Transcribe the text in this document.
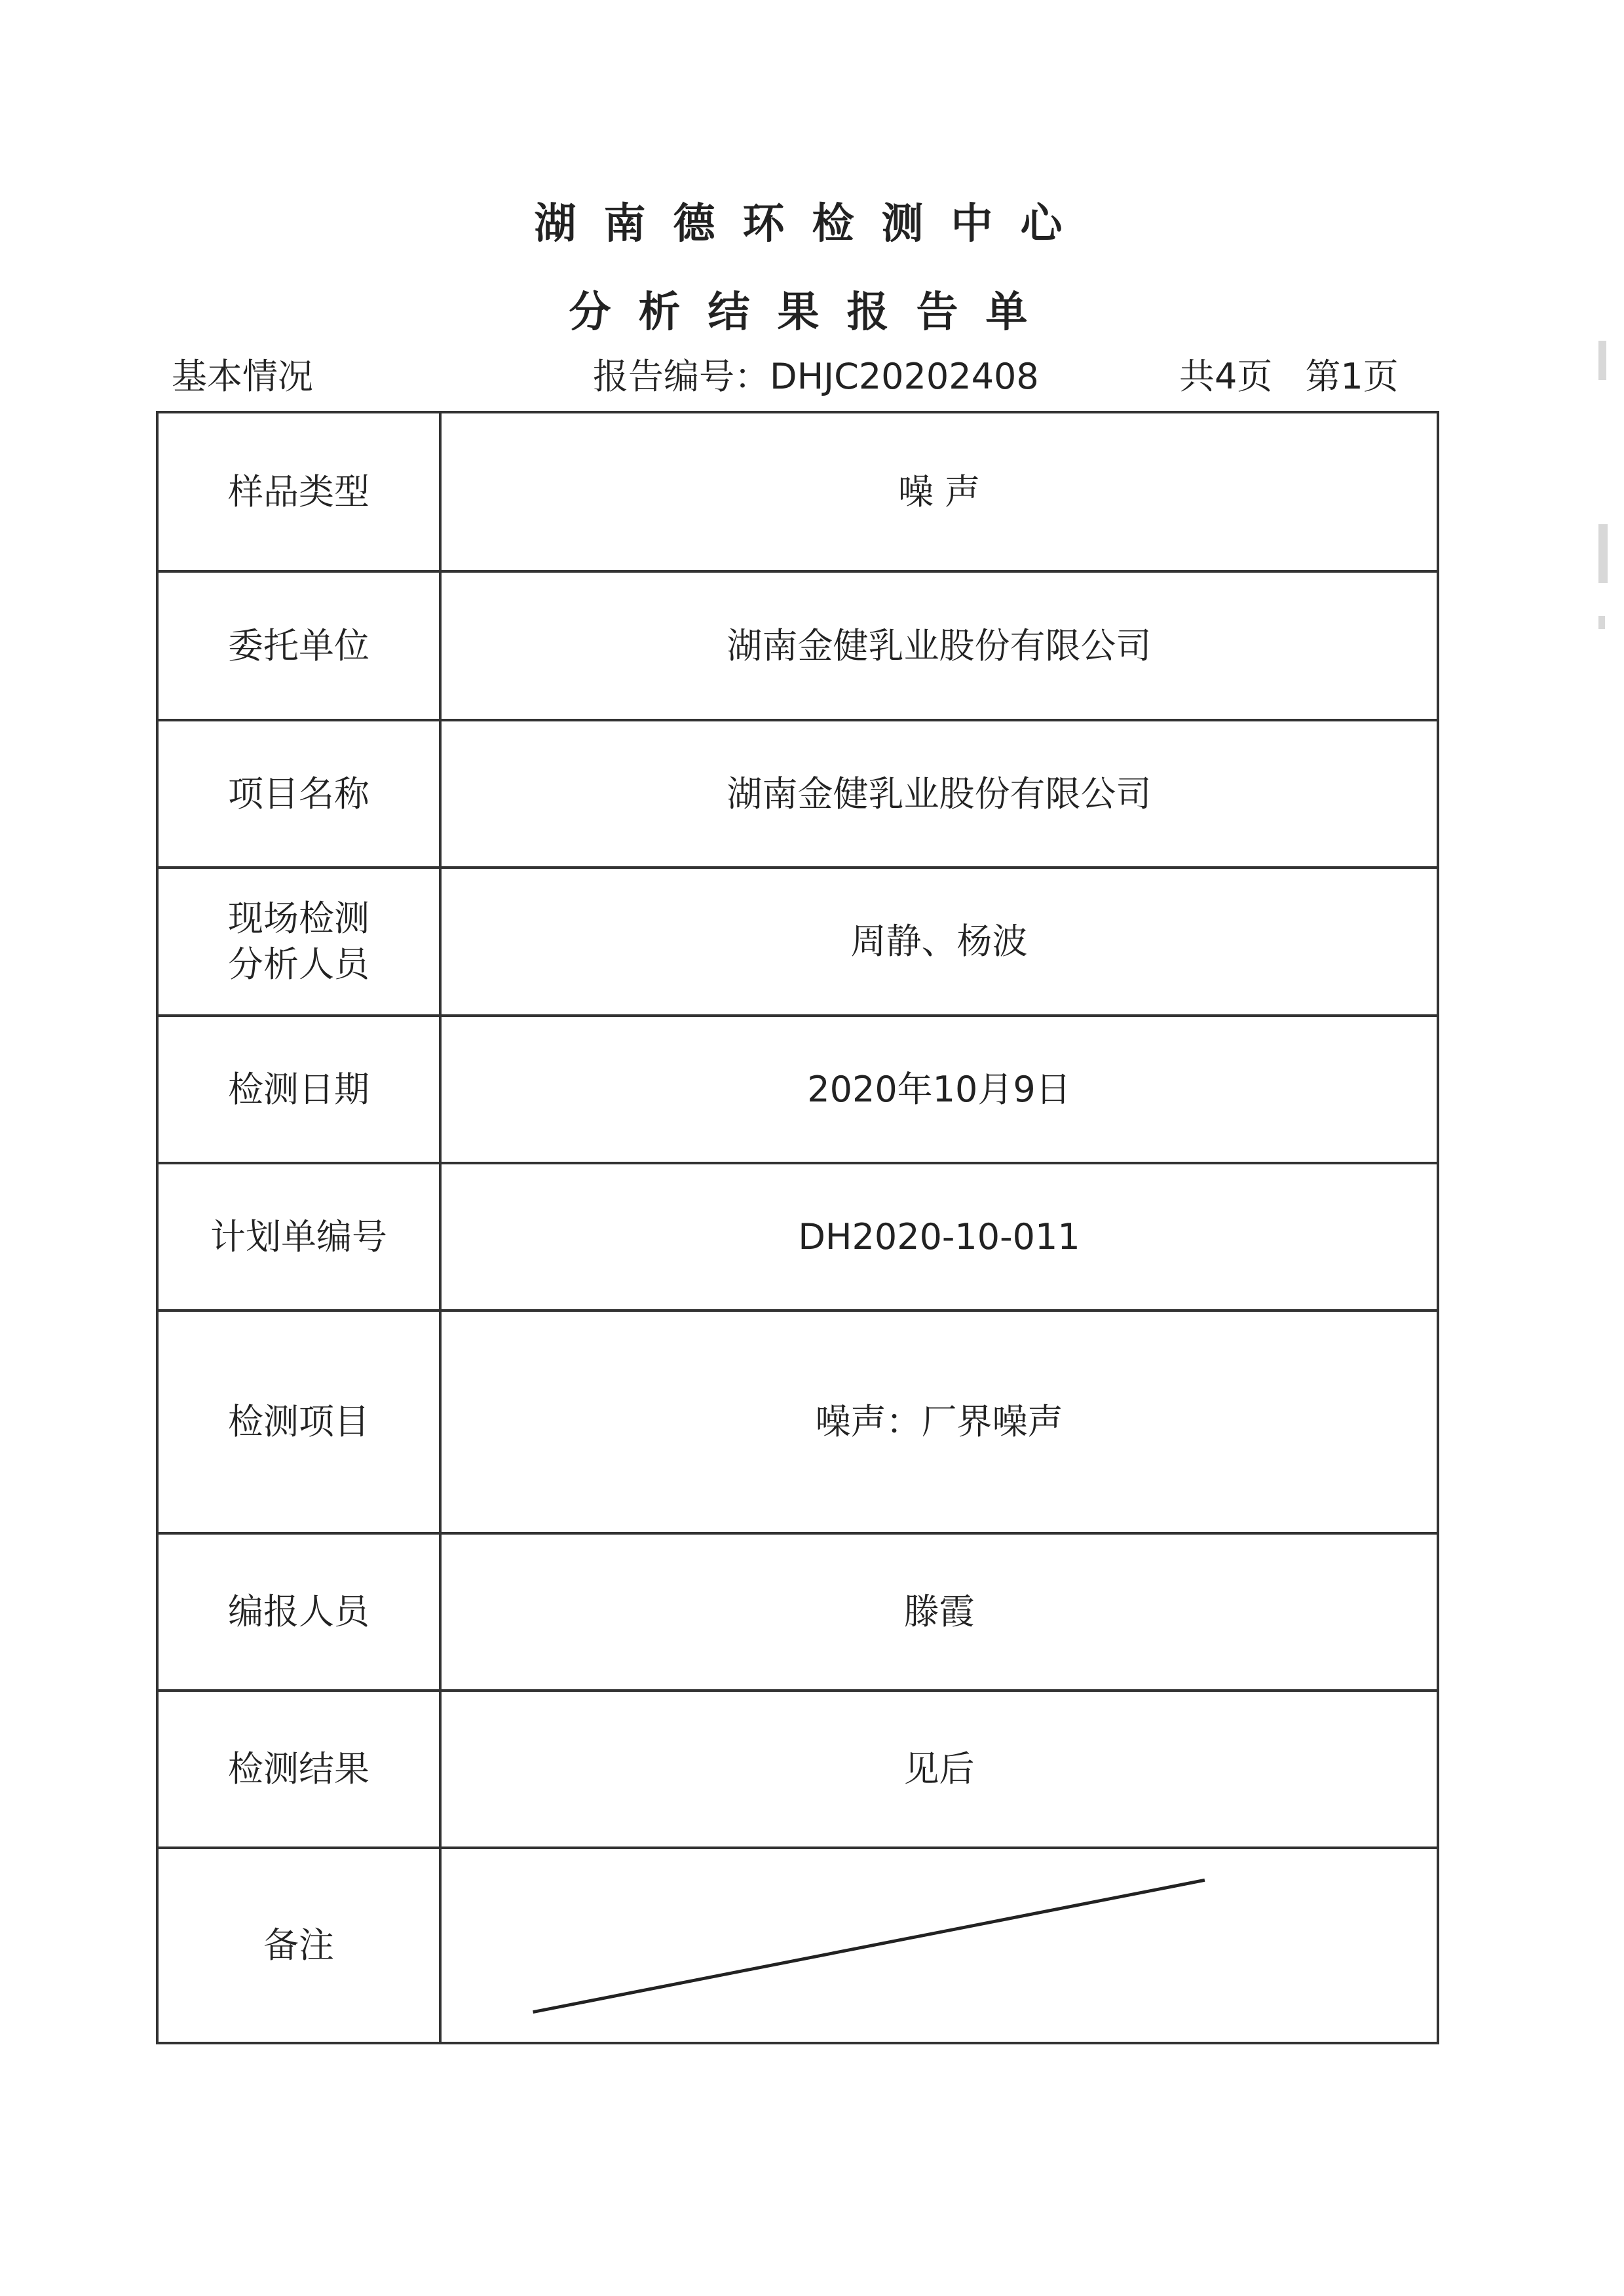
湖南德环检测中心
分析结果报告单
基本情况	报告编号：DHJC20202408	共4页 第1页
样品类型	噪 声
委托单位	湖南金健乳业股份有限公司
项目名称	湖南金健乳业股份有限公司

现场检测
分析人员	周静、杨波
检测日期	2020年10月9日
计划单编号	DH2020-10-011
检测项目	噪声：厂界噪声
编报人员	滕霞
检测结果	见后
备注	
